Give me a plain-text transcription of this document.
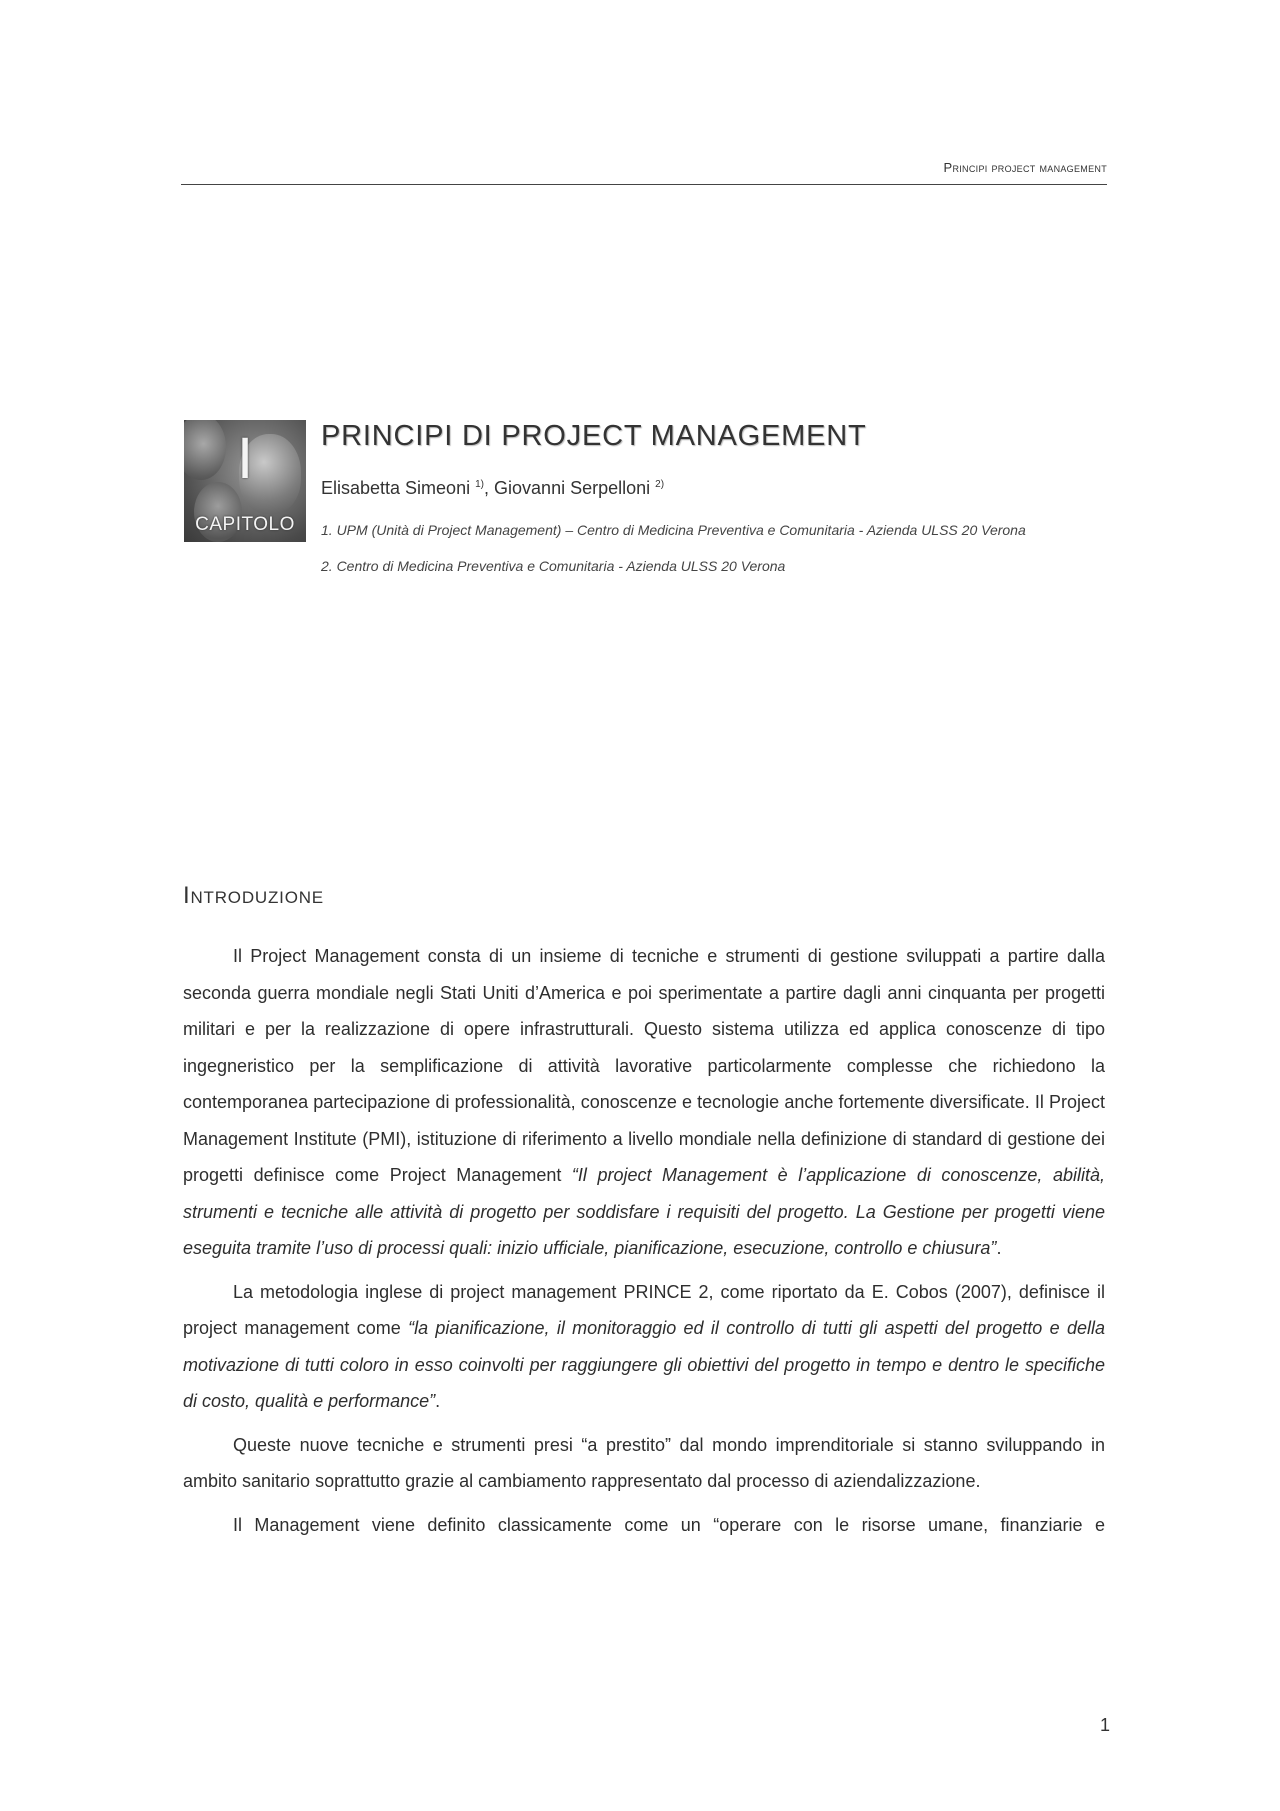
Principi project management
I
CAPITOLO
PRINCIPI DI PROJECT MANAGEMENT
Elisabetta Simeoni $^{1)}$, Giovanni Serpelloni $^{2)}$
1. UPM (Unità di Project Management) – Centro di Medicina Preventiva e Comunitaria - Azienda ULSS 20 Verona
2. Centro di Medicina Preventiva e Comunitaria - Azienda ULSS 20 Verona
Introduzione

Il Project Management consta di un insieme di tecniche e strumenti di gestione sviluppati a partire dalla seconda guerra mondiale negli Stati Uniti d’America e poi sperimentate a partire dagli anni cinquanta per progetti militari e per la realizzazione di opere infrastrutturali. Questo sistema utilizza ed applica conoscenze di tipo ingegneristico per la semplificazione di attività lavorative particolarmente complesse che richiedono la contemporanea partecipazione di professionalità, conoscenze e tecnologie anche fortemente diversificate. Il Project Management Institute (PMI), istituzione di riferimento a livello mondiale nella definizione di standard di gestione dei progetti definisce come Project Management “Il project Management è l’applicazione di conoscenze, abilità, strumenti e tecniche alle attività di progetto per soddisfare i requisiti del progetto. La Gestione per progetti viene eseguita tramite l’uso di processi quali: inizio ufficiale, pianificazione, esecuzione, controllo e chiusura”.

La metodologia inglese di project management PRINCE 2, come riportato da E. Cobos (2007), definisce il project management come “la pianificazione, il monitoraggio ed il controllo di tutti gli aspetti del progetto e della motivazione di tutti coloro in esso coinvolti per raggiungere gli obiettivi del progetto in tempo e dentro le specifiche di costo, qualità e performance”.

Queste nuove tecniche e strumenti presi “a prestito” dal mondo imprenditoriale si stanno sviluppando in ambito sanitario soprattutto grazie al cambiamento rappresentato dal processo di aziendalizzazione.

Il Management viene definito classicamente come un “operare con le risorse umane, finanziarie e

1
